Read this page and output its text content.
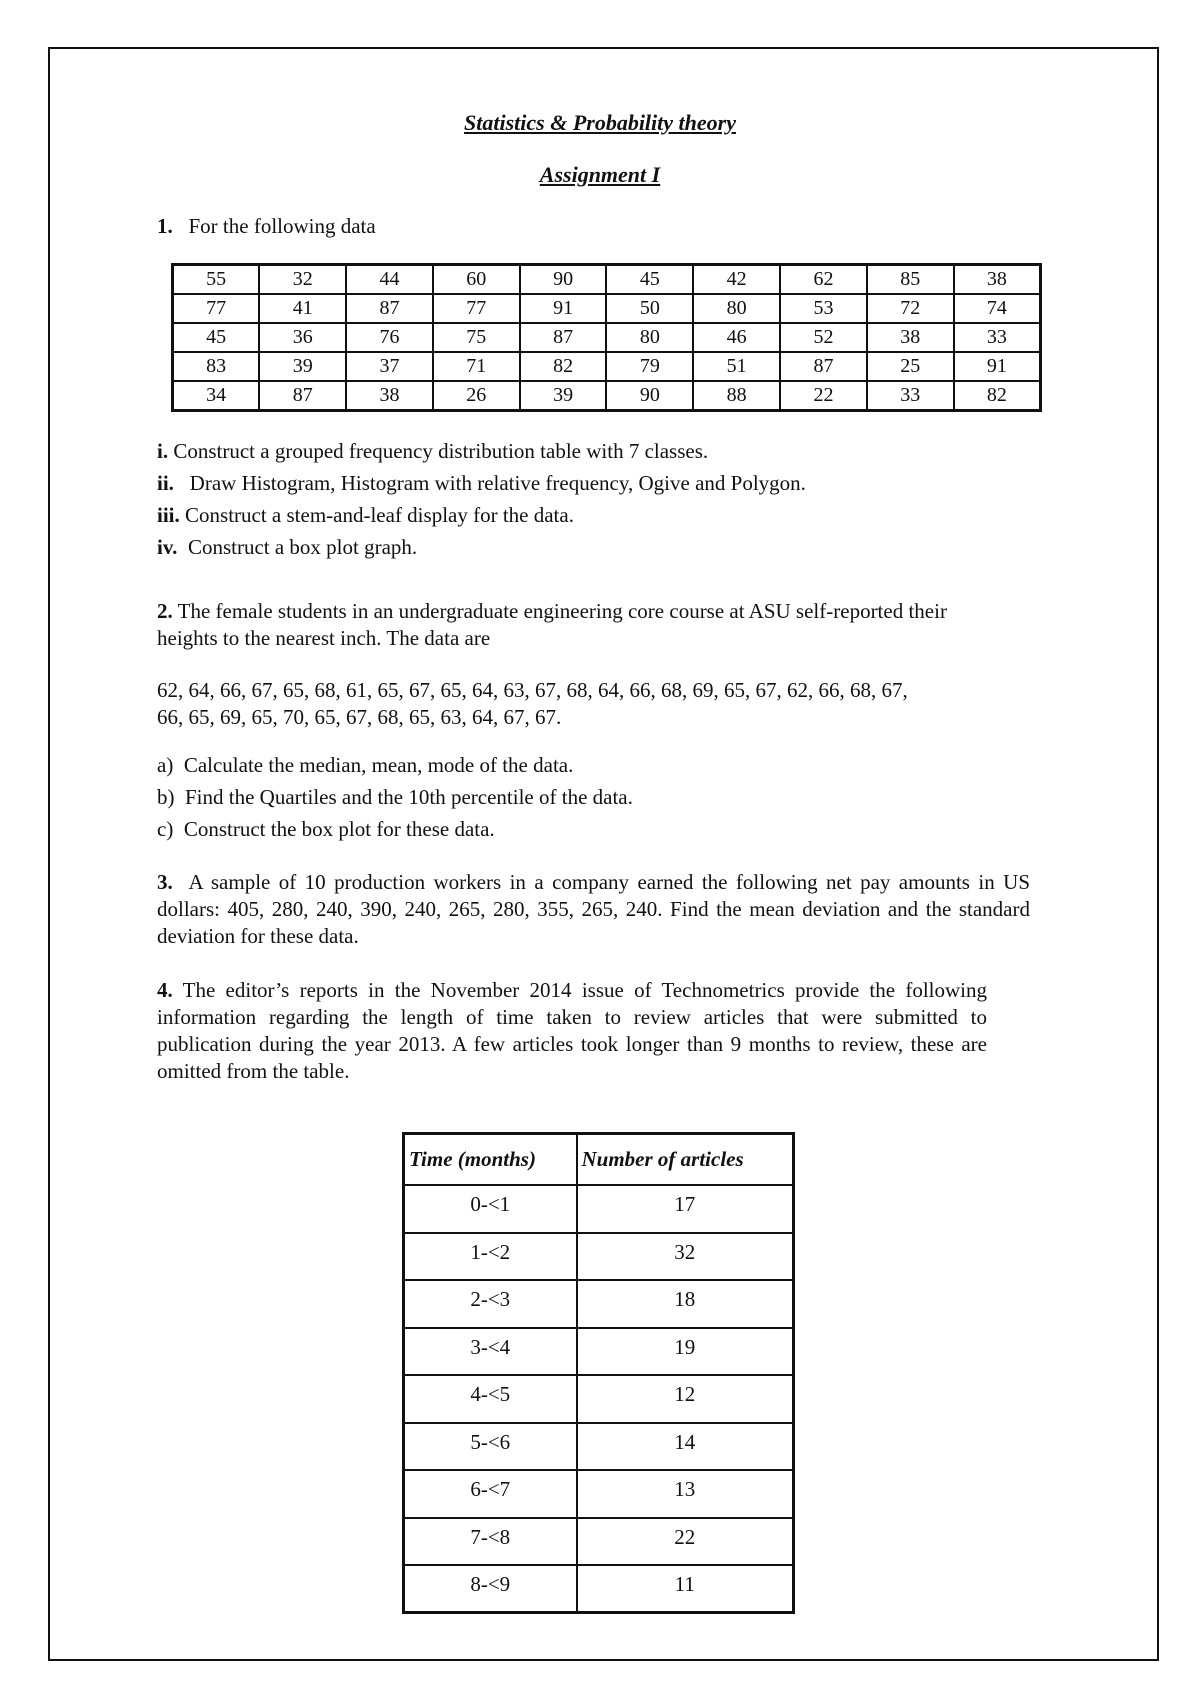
Statistics & Probability theory
Assignment I
1. For the following data
55	32	44	60	90	45	42	62	85	38
77	41	87	77	91	50	80	53	72	74
45	36	76	75	87	80	46	52	38	33
83	39	37	71	82	79	51	87	25	91
34	87	38	26	39	90	88	22	33	82
i. Construct a grouped frequency distribution table with 7 classes.
ii. Draw Histogram, Histogram with relative frequency, Ogive and Polygon.
iii. Construct a stem-and-leaf display for the data.
iv. Construct a box plot graph.
2. The female students in an undergraduate engineering core course at ASU self-reported their heights to the nearest inch. The data are
62, 64, 66, 67, 65, 68, 61, 65, 67, 65, 64, 63, 67, 68, 64, 66, 68, 69, 65, 67, 62, 66, 68, 67,
66, 65, 69, 65, 70, 65, 67, 68, 65, 63, 64, 67, 67.
a) Calculate the median, mean, mode of the data.
b) Find the Quartiles and the 10th percentile of the data.
c) Construct the box plot for these data.
3. A sample of 10 production workers in a company earned the following net pay amounts in US dollars: 405, 280, 240, 390, 240, 265, 280, 355, 265, 240. Find the mean deviation and the standard deviation for these data.
4. The editor’s reports in the November 2014 issue of Technometrics provide the following information regarding the length of time taken to review articles that were submitted to publication during the year 2013. A few articles took longer than 9 months to review, these are omitted from the table.
Time (months)	Number of articles
0-<1	17
1-<2	32
2-<3	18
3-<4	19
4-<5	12
5-<6	14
6-<7	13
7-<8	22
8-<9	11
